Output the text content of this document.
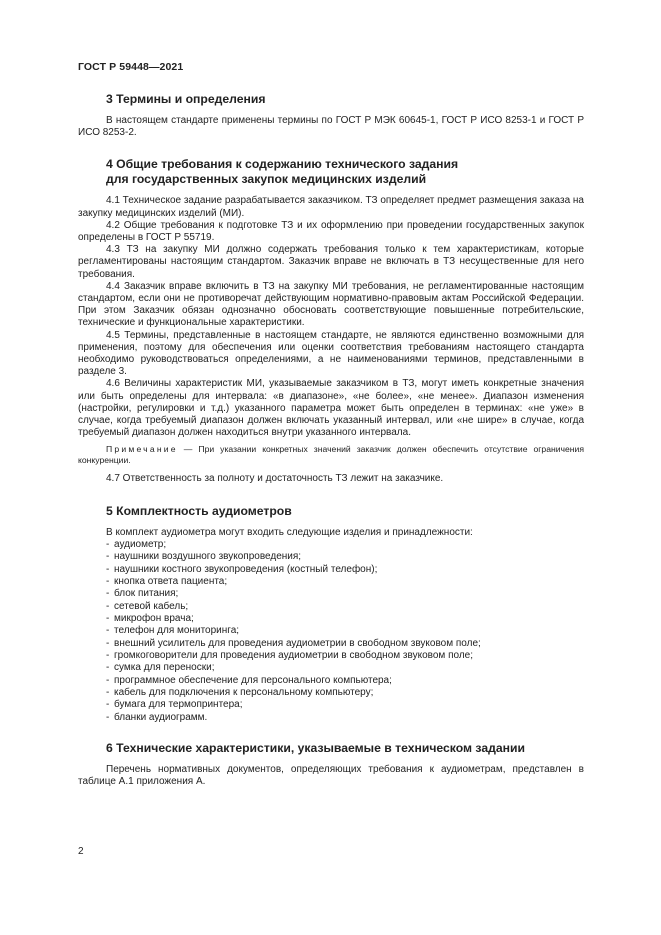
ГОСТ Р 59448—2021
3 Термины и определения

В настоящем стандарте применены термины по ГОСТ Р МЭК 60645-1, ГОСТ Р ИСО 8253-1 и ГОСТ Р ИСО 8253-2.

4 Общие требования к содержанию технического задания
для государственных закупок медицинских изделий

4.1 Техническое задание разрабатывается заказчиком. ТЗ определяет предмет размещения заказа на закупку медицинских изделий (МИ).

4.2 Общие требования к подготовке ТЗ и их оформлению при проведении государственных закупок определены в ГОСТ Р 55719.

4.3 ТЗ на закупку МИ должно содержать требования только к тем характеристикам, которые регламентированы настоящим стандартом. Заказчик вправе не включать в ТЗ несущественные для него требования.

4.4 Заказчик вправе включить в ТЗ на закупку МИ требования, не регламентированные настоящим стандартом, если они не противоречат действующим нормативно-правовым актам Российской Федерации. При этом Заказчик обязан однозначно обосновать соответствующие повышенные потребительские, технические и функциональные характеристики.

4.5 Термины, представленные в настоящем стандарте, не являются единственно возможными для применения, поэтому для обеспечения или оценки соответствия требованиям настоящего стандарта необходимо руководствоваться определениями, а не наименованиями терминов, представленными в разделе 3.

4.6 Величины характеристик МИ, указываемые заказчиком в ТЗ, могут иметь конкретные значения или быть определены для интервала: «в диапазоне», «не более», «не менее». Диапазон изменения (настройки, регулировки и т.д.) указанного параметра может быть определен в терминах: «не уже» в случае, когда требуемый диапазон должен включать указанный интервал, или «не шире» в случае, когда требуемый диапазон должен находиться внутри указанного интервала.

Примечание — При указании конкретных значений заказчик должен обеспечить отсутствие ограничения конкуренции.

4.7 Ответственность за полноту и достаточность ТЗ лежит на заказчике.

5 Комплектность аудиометров

В комплект аудиометра могут входить следующие изделия и принадлежности:

- аудиометр;
- наушники воздушного звукопроведения;
- наушники костного звукопроведения (костный телефон);
- кнопка ответа пациента;
- блок питания;
- сетевой кабель;
- микрофон врача;
- телефон для мониторинга;
- внешний усилитель для проведения аудиометрии в свободном звуковом поле;
- громкоговорители для проведения аудиометрии в свободном звуковом поле;
- сумка для переноски;
- программное обеспечение для персонального компьютера;
- кабель для подключения к персональному компьютеру;
- бумага для термопринтера;
- бланки аудиограмм.
6 Технические характеристики, указываемые в техническом задании

Перечень нормативных документов, определяющих требования к аудиометрам, представлен в таблице А.1 приложения А.

2
